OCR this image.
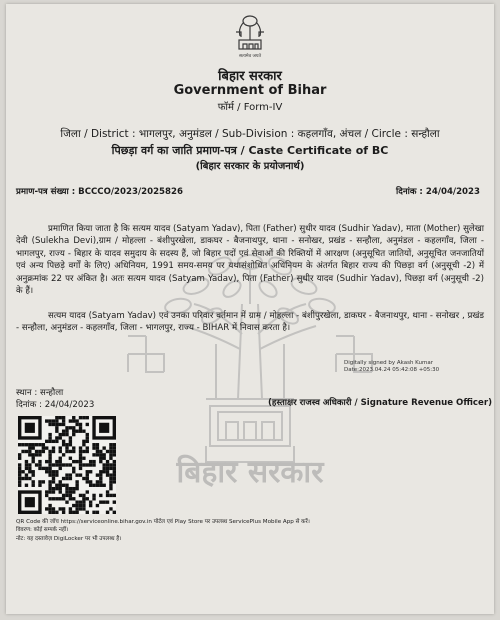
बिहार सरकार
सत्यमेव जयते
बिहार सरकार
Government of Bihar
फॉर्म / Form-IV
जिला / District : भागलपुर, अनुमंडल / Sub-Division : कहलगाँव, अंचल / Circle : सन्हौला
पिछड़ा वर्ग का जाति प्रमाण-पत्र / Caste Certificate of BC
(बिहार सरकार के प्रयोजनार्थ)
प्रमाण-पत्र संख्या : BCCCO/2023/2025826	दिनांक : 24/04/2023
प्रमाणित किया जाता है कि सत्यम यादव (Satyam Yadav), पिता (Father) सुधीर यादव (Sudhir Yadav), माता (Mother) सुलेखा देवी (Sulekha Devi),ग्राम / मोहल्ला - बंशीपुरखेला, डाकघर - बैजनाथपुर, थाना - सनोखर, प्रखंड - सन्हौला, अनुमंडल - कहलगाँव, जिला - भागलपुर, राज्य - बिहार के यादव समुदाय के सदस्य हैं, जो बिहार पदों एवं सेवाओं की रिक्तियों में आरक्षण (अनुसूचित जातियों, अनुसूचित जनजातियों एवं अन्य पिछड़े वर्गों के लिए) अधिनियम, 1991 समय-समय पर यथासंशोधित अधिनियम के अंतर्गत बिहार राज्य की पिछड़ा वर्ग (अनुसूची -2) में अनुक्रमांक 22 पर अंकित है। अतः सत्यम यादव (Satyam Yadav), पिता (Father) सुधीर यादव (Sudhir Yadav), पिछड़ा वर्ग (अनुसूची -2) के हैं।
सत्यम यादव (Satyam Yadav) एवं उनका परिवार वर्तमान में ग्राम / मोहल्ला - बंशीपुरखेला, डाकघर - बैजनाथपुर, थाना - सनोखर , प्रखंड - सन्हौला, अनुमंडल - कहलगाँव, जिला - भागलपुर, राज्य - BIHAR में निवास करता है।
Digitally signed by Akash Kumar
Date:2023.04.24 05:42:08 +05:30
स्थान : सन्हौला
दिनांक : 24/04/2023	(हस्ताक्षर राजस्व अधिकारी / Signature Revenue Officer)
QR Code की जाँच https://serviceonline.bihar.gov.in पोर्टल एवं Play Store पर उपलब्ध ServicePlus Mobile App से करें।
विवरण: कोई सम्पर्क नहीं।
नोट: यह दस्तावेज़ DigiLocker पर भी उपलब्ध है।
